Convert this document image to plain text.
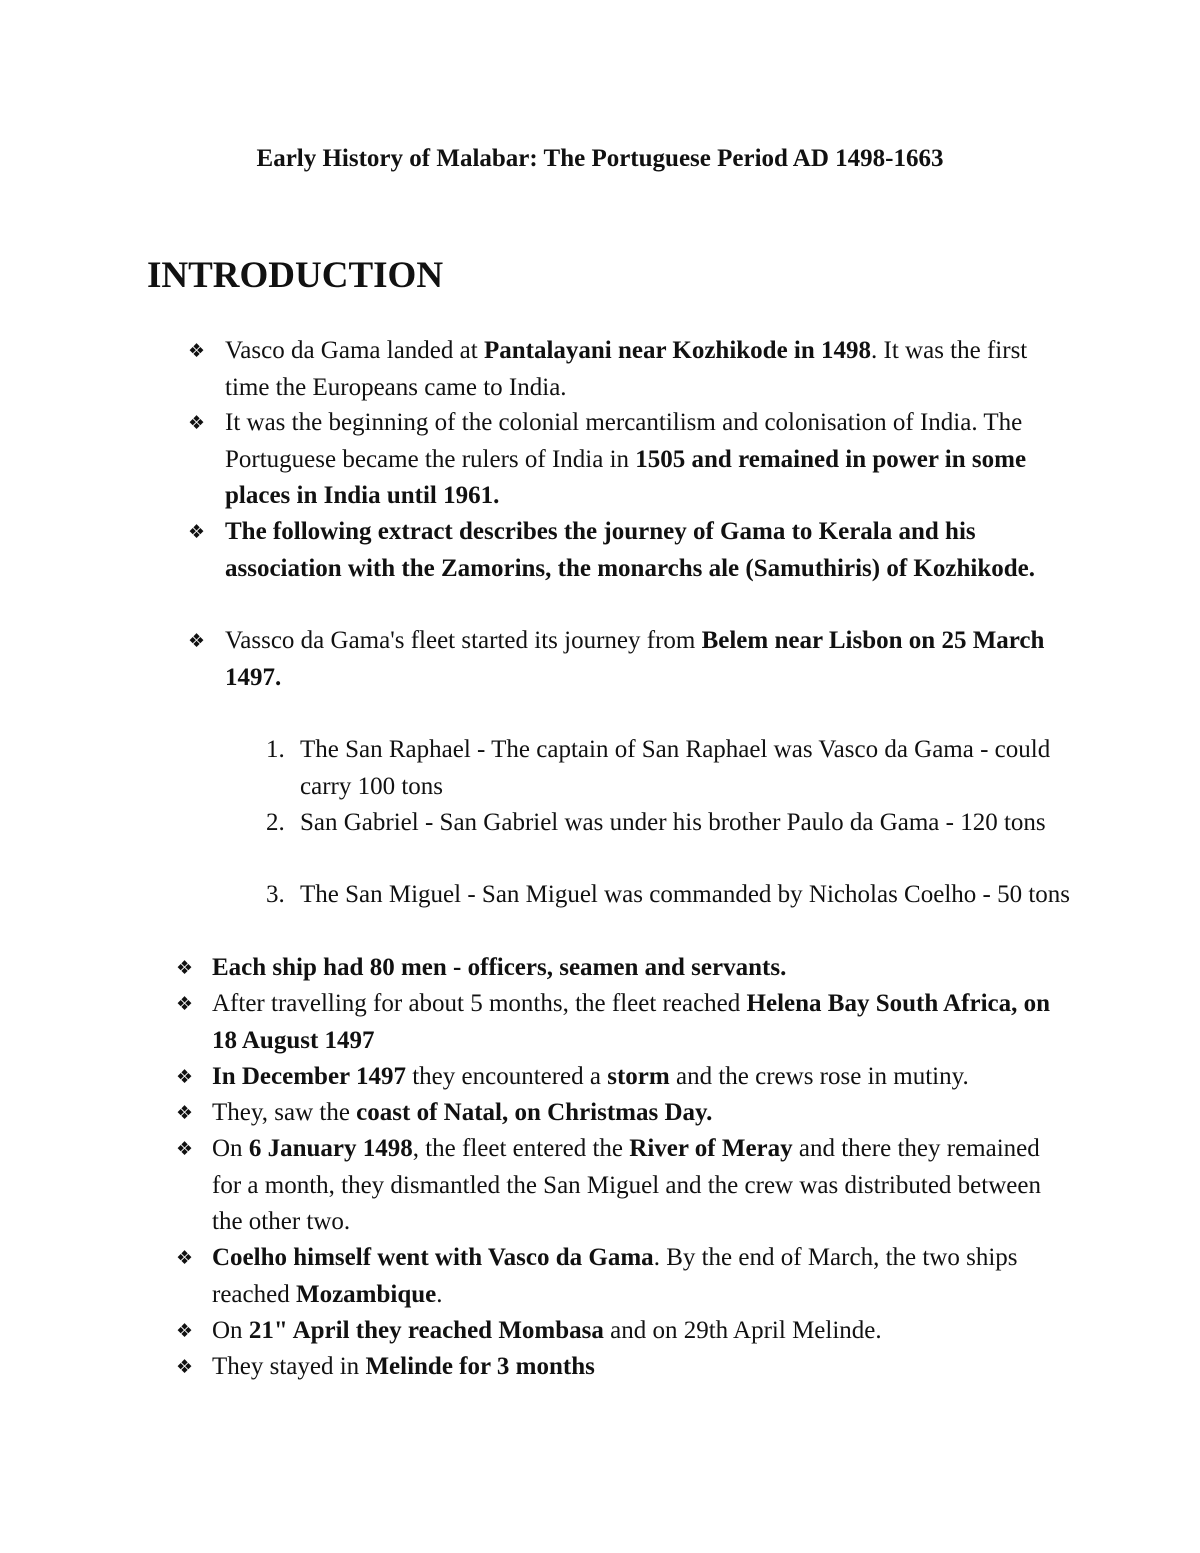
Early History of Malabar: The Portuguese Period AD 1498-1663
INTRODUCTION
❖ Vasco da Gama landed at Pantalayani near Kozhikode in 1498. It was the first time the Europeans came to India.
❖ It was the beginning of the colonial mercantilism and colonisation of India. The Portuguese became the rulers of India in 1505 and remained in power in some places in India until 1961.
❖ The following extract describes the journey of Gama to Kerala and his association with the Zamorins, the monarchs ale (Samuthiris) of Kozhikode.
❖ Vassco da Gama's fleet started its journey from Belem near Lisbon on 25 March 1497.
1. The San Raphael - The captain of San Raphael was Vasco da Gama - could carry 100 tons
2. San Gabriel - San Gabriel was under his brother Paulo da Gama - 120 tons
3. The San Miguel - San Miguel was commanded by Nicholas Coelho - 50 tons
❖ Each ship had 80 men - officers, seamen and servants.
❖ After travelling for about 5 months, the fleet reached Helena Bay South Africa, on 18 August 1497
❖ In December 1497 they encountered a storm and the crews rose in mutiny.
❖ They, saw the coast of Natal, on Christmas Day.
❖ On 6 January 1498, the fleet entered the River of Meray and there they remained for a month, they dismantled the San Miguel and the crew was distributed between the other two.
❖ Coelho himself went with Vasco da Gama. By the end of March, the two ships reached Mozambique.
❖ On 21" April they reached Mombasa and on 29th April Melinde.
❖ They stayed in Melinde for 3 months
